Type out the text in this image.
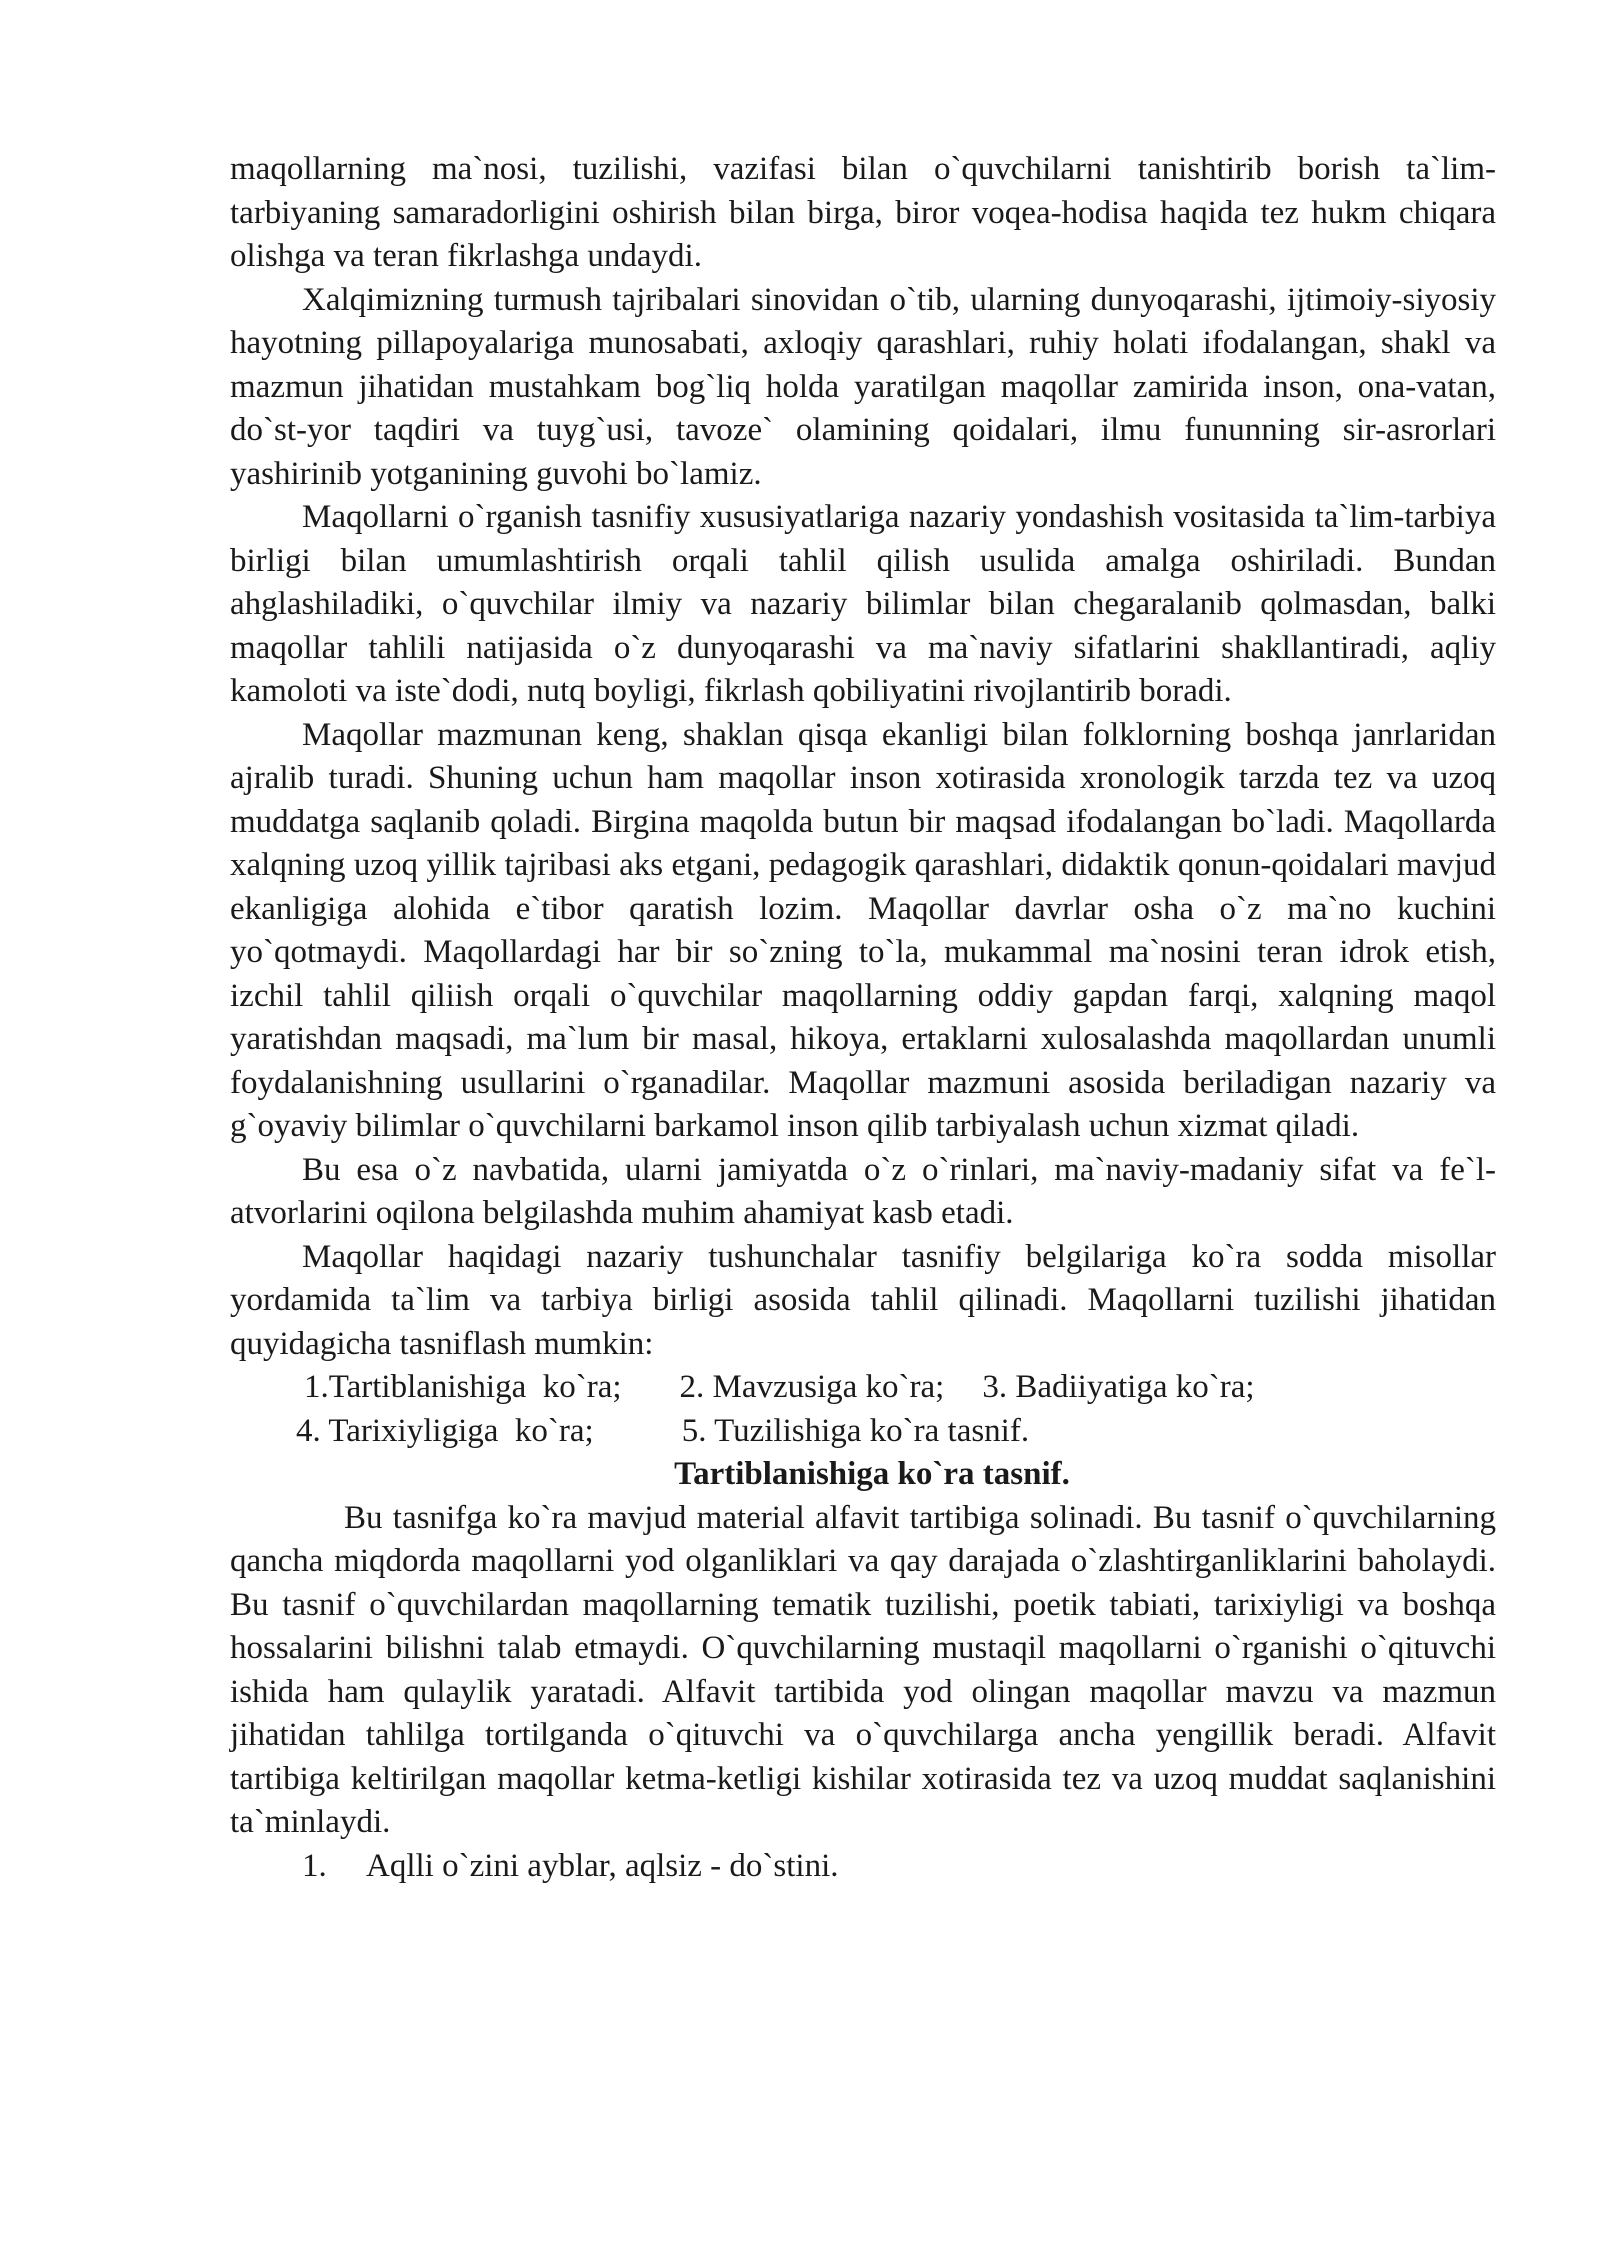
maqollarning ma`nosi, tuzilishi, vazifasi bilan o`quvchilarni tanishtirib borish ta`lim-tarbiyaning samaradorligini oshirish bilan birga, biror voqea-hodisa haqida tez hukm chiqara olishga va teran fikrlashga undaydi.

Xalqimizning turmush tajribalari sinovidan o`tib, ularning dunyoqarashi, ijtimoiy-siyosiy hayotning pillapoyalariga munosabati, axloqiy qarashlari, ruhiy holati ifodalangan, shakl va mazmun jihatidan mustahkam bog`liq holda yaratilgan maqollar zamirida inson, ona-vatan, do`st-yor taqdiri va tuyg`usi, tavoze` olamining qoidalari, ilmu fununning sir-asrorlari yashirinib yotganining guvohi bo`lamiz.

Maqollarni o`rganish tasnifiy xususiyatlariga nazariy yondashish vositasida ta`lim-tarbiya birligi bilan umumlashtirish orqali tahlil qilish usulida amalga oshiriladi. Bundan ahglashiladiki, o`quvchilar ilmiy va nazariy bilimlar bilan chegaralanib qolmasdan, balki maqollar tahlili natijasida o`z dunyoqarashi va ma`naviy sifatlarini shakllantiradi, aqliy kamoloti va iste`dodi, nutq boyligi, fikrlash qobiliyatini rivojlantirib boradi.

Maqollar mazmunan keng, shaklan qisqa ekanligi bilan folklorning boshqa janrlaridan ajralib turadi. Shuning uchun ham maqollar inson xotirasida xronologik tarzda tez va uzoq muddatga saqlanib qoladi. Birgina maqolda butun bir maqsad ifodalangan bo`ladi. Maqollarda xalqning uzoq yillik tajribasi aks etgani, pedagogik qarashlari, didaktik qonun-qoidalari mavjud ekanligiga alohida e`tibor qaratish lozim. Maqollar davrlar osha o`z ma`no kuchini yo`qotmaydi. Maqollardagi har bir so`zning to`la, mukammal ma`nosini teran idrok etish, izchil tahlil qiliish orqali o`quvchilar maqollarning oddiy gapdan farqi, xalqning maqol yaratishdan maqsadi, ma`lum bir masal, hikoya, ertaklarni xulosalashda maqollardan unumli foydalanishning usullarini o`rganadilar. Maqollar mazmuni asosida beriladigan nazariy va g`oyaviy bilimlar o`quvchilarni barkamol inson qilib tarbiyalash uchun xizmat qiladi.

Bu esa o`z navbatida, ularni jamiyatda o`z o`rinlari, ma`naviy-madaniy sifat va fe`l-atvorlarini oqilona belgilashda muhim ahamiyat kasb etadi.

Maqollar haqidagi nazariy tushunchalar tasnifiy belgilariga ko`ra sodda misollar yordamida ta`lim va tarbiya birligi asosida tahlil qilinadi. Maqollarni tuzilishi jihatidan quyidagicha tasniflash mumkin:

1.Tartiblanishiga  ko`ra; 2. Mavzusiga ko`ra; 3. Badiiyatiga ko`ra;
4. Tarixiyligiga  ko`ra;	5. Tuzilishiga ko`ra tasnif.

Tartiblanishiga ko`ra tasnif.

Bu tasnifga ko`ra mavjud material alfavit tartibiga solinadi. Bu tasnif o`quvchilarning qancha miqdorda maqollarni yod olganliklari va qay darajada o`zlashtirganliklarini baholaydi. Bu tasnif o`quvchilardan maqollarning tematik tuzilishi, poetik tabiati, tarixiyligi va boshqa hossalarini bilishni talab etmaydi. O`quvchilarning mustaqil maqollarni o`rganishi o`qituvchi ishida ham qulaylik yaratadi. Alfavit tartibida yod olingan maqollar mavzu va mazmun jihatidan tahlilga tortilganda o`qituvchi va o`quvchilarga ancha yengillik beradi. Alfavit tartibiga keltirilgan maqollar ketma-ketligi kishilar xotirasida tez va uzoq muddat saqlanishini ta`minlaydi.

1.	Aqlli o`zini ayblar, aqlsiz - do`stini.
